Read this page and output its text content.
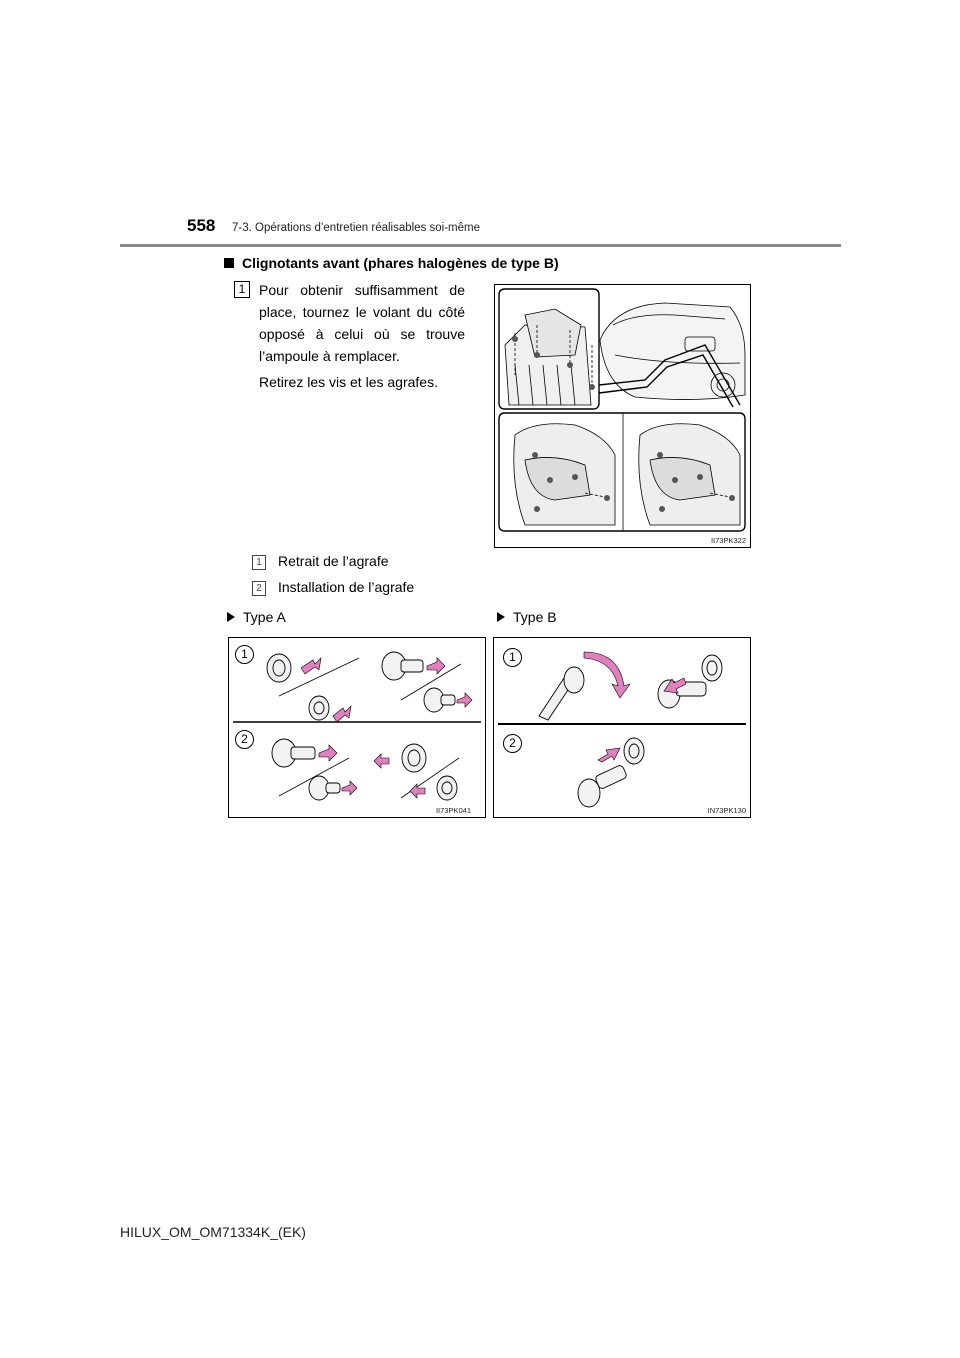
558 7-3. Opérations d’entretien réalisables soi-même
Clignotants avant (phares halogènes de type B)
1 Pour obtenir suffisamment de place, tournez le volant du côté opposé à celui où se trouve l’ampoule à remplacer.
Retirez les vis et les agrafes.
II73PK322
1 Retrait de l’agrafe
2 Installation de l’agrafe
Type A	Type B
1
2
II73PK041
1
2
IN73PK130
HILUX_OM_OM71334K_(EK)
